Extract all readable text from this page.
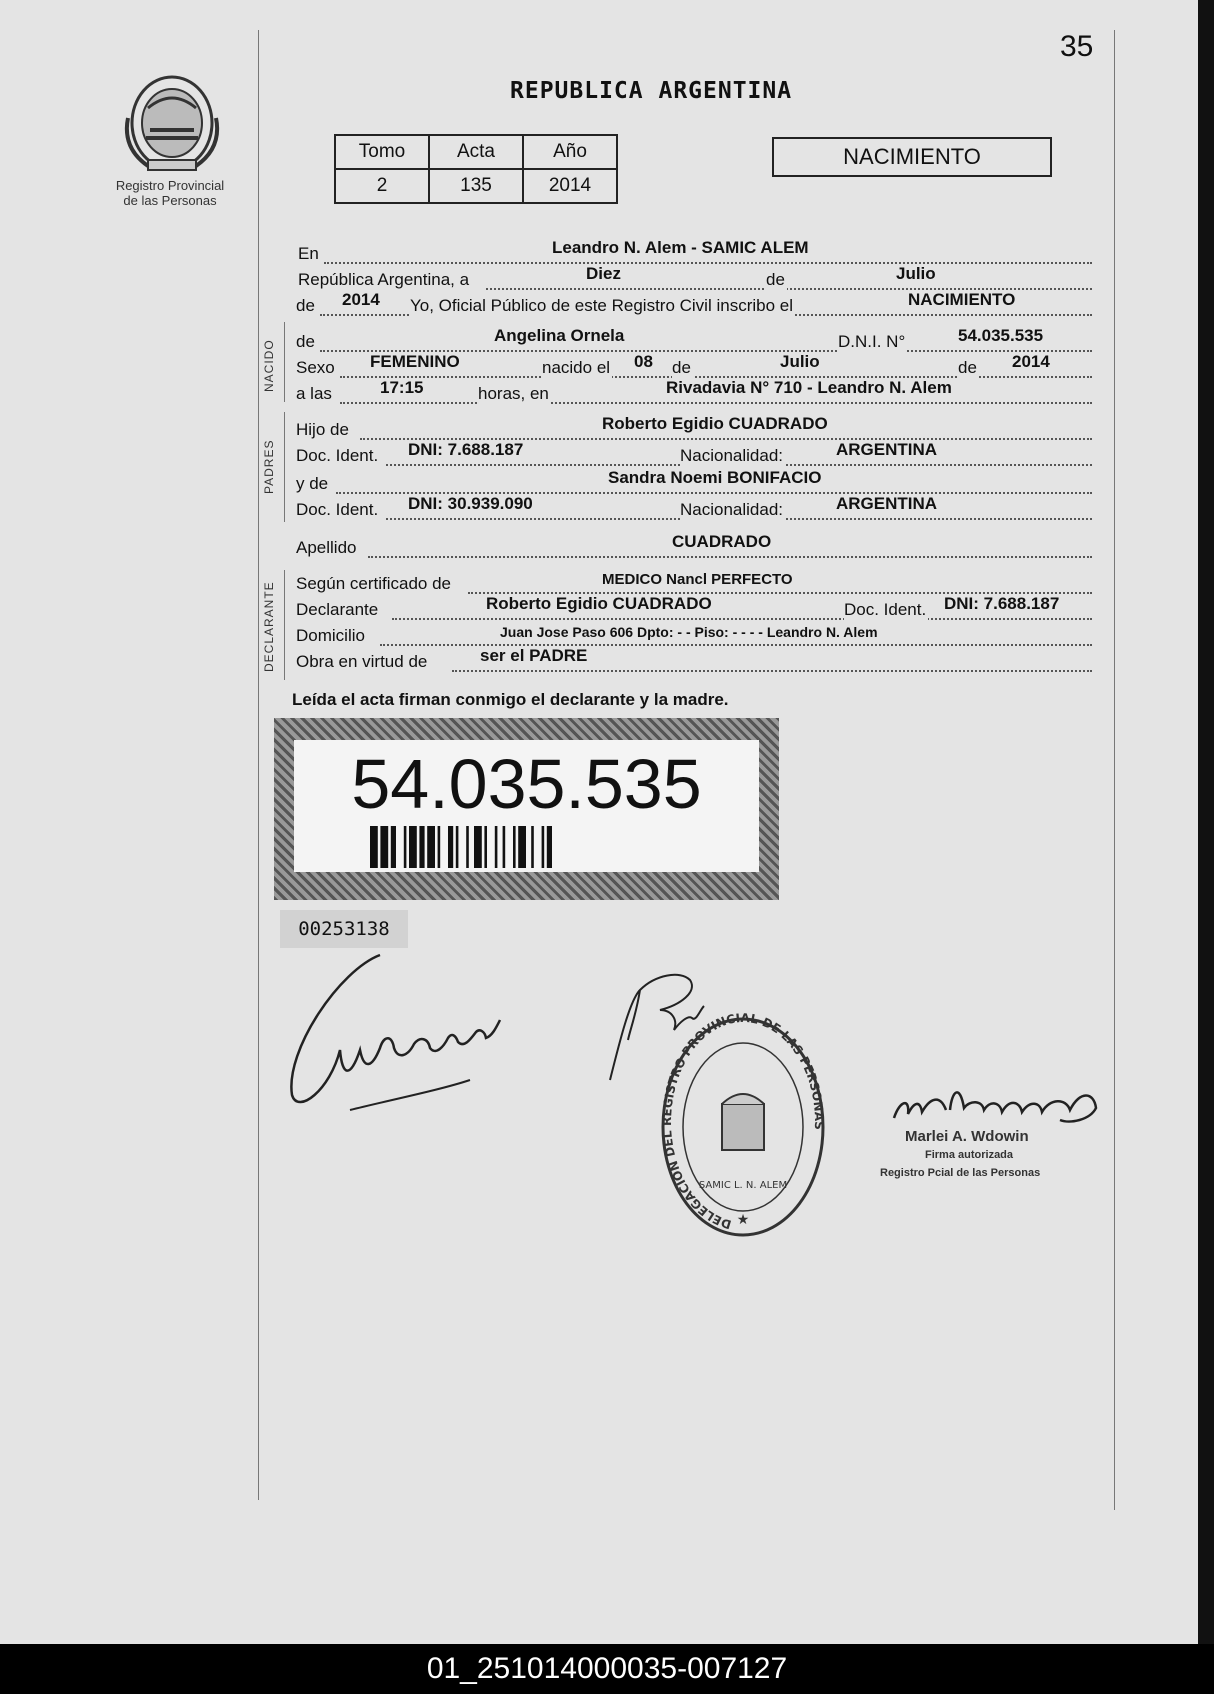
35
Registro Provincial
de las Personas
REPUBLICA ARGENTINA
Tomo	Acta	Año
2	135	2014
NACIMIENTO
En	Leandro N. Alem - SAMIC ALEM
República Argentina, a	Diez	de	Julio
de 2014 Yo, Oficial Público de este Registro Civil inscribo el	NACIMIENTO
NACIDO de	Angelina Ornela	D.N.I. N°	54.035.535
Sexo FEMENINO	nacido el 08 de	Julio	de 2014
a las	17:15	horas, en	Rivadavia N° 710 - Leandro N. Alem
PADRES
Hijo de	Roberto Egidio CUADRADO
Doc. Ident. DNI: 7.688.187	Nacionalidad:	ARGENTINA
y de	Sandra Noemi BONIFACIO
Doc. Ident. DNI: 30.939.090	Nacionalidad:	ARGENTINA
Apellido	CUADRADO
DECLARANTE Según certificado de	MEDICO Nancl PERFECTO
Declarante	Roberto Egidio CUADRADO	Doc. Ident. DNI: 7.688.187
Domicilio	Juan Jose Paso 606 Dpto: - - Piso: - - - - Leandro N. Alem
Obra en virtud de	ser el PADRE
Leída el acta firman conmigo el declarante y la madre.
54.035.535
00253138
DELEGACION DEL REGISTRO PROVINCIAL DE LAS PERSONAS
SAMIC L. N. ALEM
★
Marlei A. Wdowin
Firma autorizada
Registro Pcial de las Personas
01_251014000035-007127
